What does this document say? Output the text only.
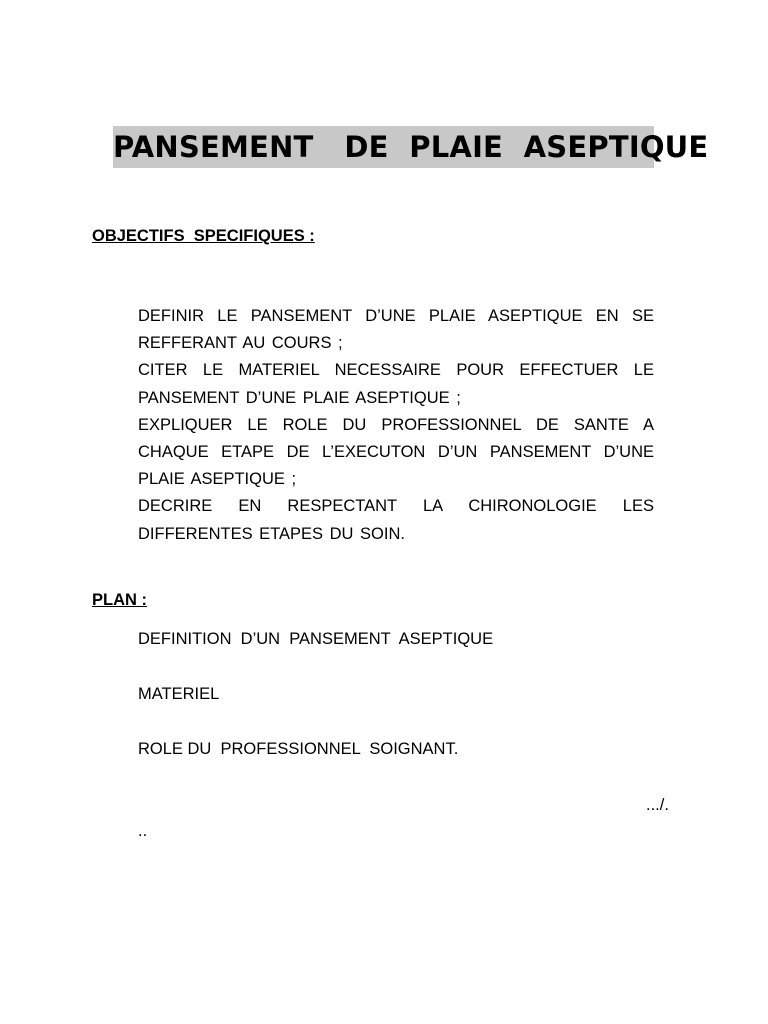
PANSEMENT   DE  PLAIE  ASEPTIQUE
OBJECTIFS  SPECIFIQUES :

DEFINIR LE PANSEMENT D’UNE PLAIE ASEPTIQUE EN SE REFFERANT AU COURS ;

CITER LE MATERIEL NECESSAIRE POUR EFFECTUER LE PANSEMENT D’UNE PLAIE ASEPTIQUE ;

EXPLIQUER LE ROLE DU PROFESSIONNEL DE SANTE A CHAQUE ETAPE DE L’EXECUTON D’UN PANSEMENT D’UNE PLAIE ASEPTIQUE ;

DECRIRE EN RESPECTANT LA CHIRONOLOGIE LES DIFFERENTES ETAPES DU SOIN.

PLAN :
DEFINITION  D’UN  PANSEMENT  ASEPTIQUE
MATERIEL
ROLE DU  PROFESSIONNEL  SOIGNANT.
.../.
..
